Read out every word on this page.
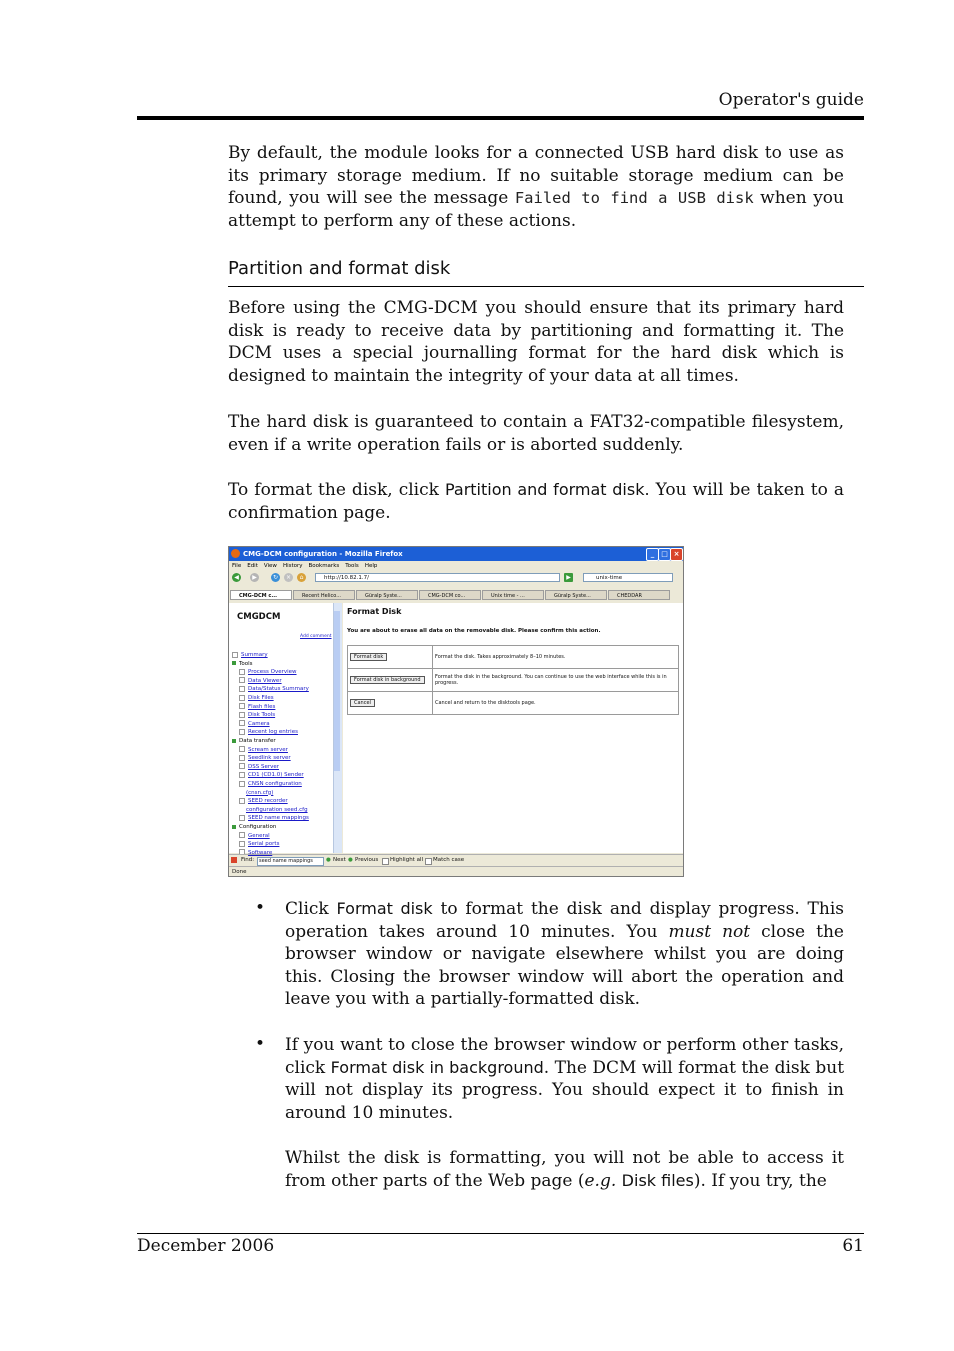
Operator's guide

By default, the module looks for a connected USB hard disk to use as its primary storage medium. If no suitable storage medium can be found, you will see the message Failed to find a USB disk when you attempt to perform any of these actions.

Partition and format disk

Before using the CMG-DCM you should ensure that its primary hard disk is ready to receive data by partitioning and formatting it. The DCM uses a special journalling format for the hard disk which is designed to maintain the integrity of your data at all times.

The hard disk is guaranteed to contain a FAT32-compatible filesystem, even if a write operation fails or is aborted suddenly.

To format the disk, click Partition and format disk. You will be taken to a confirmation page.

CMG-DCM configuration - Mozilla Firefox	_ □ ×
File Edit View History Bookmarks Tools Help
◀	▶	↻	×	⌂	http://10.82.1.7/	▶	unix-time
CMG-DCM c...	Recent Helico...	Güralp Syste...	CMG-DCM co...	Unix time - ...	Güralp Syste...	CHEDDAR
CMGDCM
Add comment
Summary
Tools
Process Overview
Data Viewer
Data/Status Summary
Disk Files
Flash files
Disk Tools
Camera
Recent log entries
Data transfer
Scream server
Seedlink server
DSS Server
CD1 (CD1.0) Sender
CNSN configuration
(cnsn.cfg)
SEED recorder
configuration seed.cfg
SEED name mappings
Configuration
General
Serial ports
Software
Format Disk
You are about to erase all data on the removable disk. Please confirm this action.
Format disk	Format the disk. Takes approximately 8–10 minutes.
Format disk in background	Format the disk in the background. You can continue to use the web interface while this is in progress.
Cancel	Cancel and return to the disktools page.
Find: seed name mappings	● Next ● Previous Highlight all Match case
Done
• Click Format disk to format the disk and display progress. This operation takes around 10 minutes. You must not close the browser window or navigate elsewhere whilst you are doing this. Closing the browser window will abort the operation and leave you with a partially-formatted disk.

• If you want to close the browser window or perform other tasks, click Format disk in background. The DCM will format the disk but will not display its progress. You should expect it to finish in around 10 minutes.

Whilst the disk is formatting, you will not be able to access it from other parts of the Web page (e.g. Disk files). If you try, the

December 2006	61
